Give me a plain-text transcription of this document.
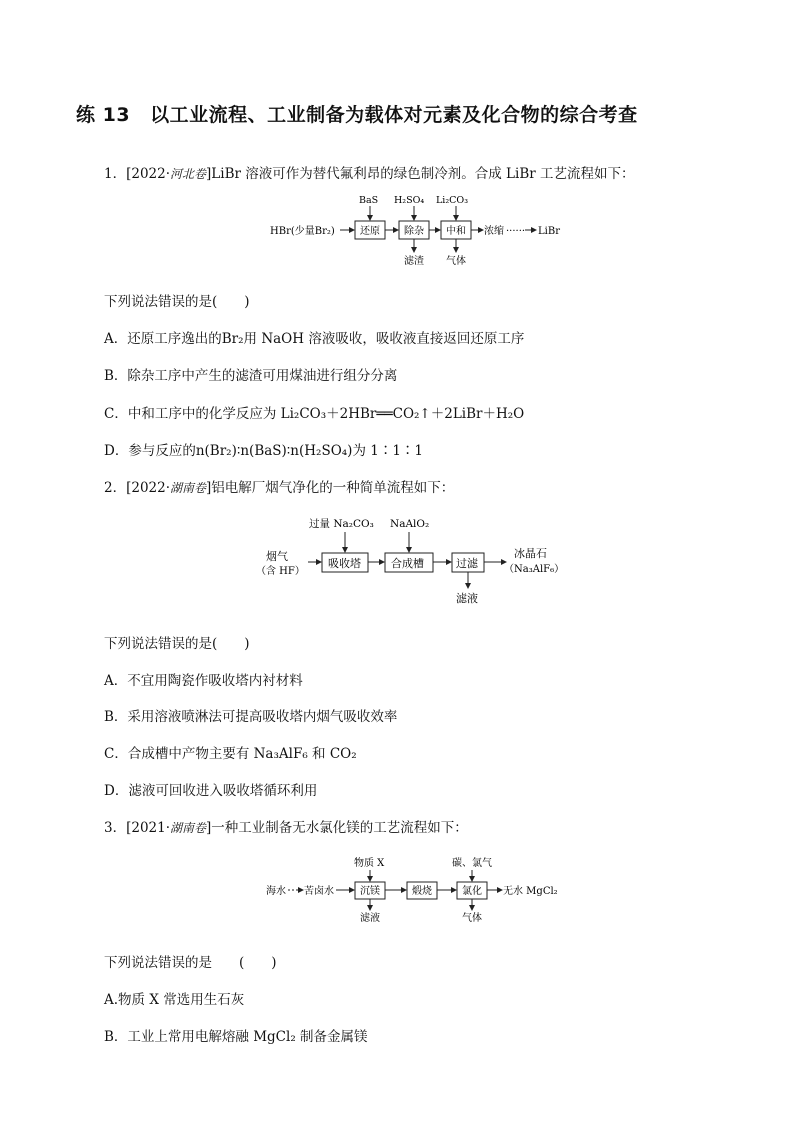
练 13 以工业流程、工业制备为载体对元素及化合物的综合考查
1．[2022·河北卷]LiBr 溶液可作为替代氟利昂的绿色制冷剂。合成 LiBr 工艺流程如下：
HBr(少量Br₂)	还原 除杂 中和 浓缩 ······ LiBr
BaS H₂SO₄ Li₂CO₃
滤渣 气体
下列说法错误的是(　　)
A．还原工序逸出的Br₂用 NaOH 溶液吸收，吸收液直接返回还原工序
B．除杂工序中产生的滤渣可用煤油进行组分分离
C．中和工序中的化学反应为 Li₂CO₃＋2HBr══CO₂↑＋2LiBr＋H₂O
D．参与反应的n(Br₂)∶n(BaS)∶n(H₂SO₄)为 1∶1∶1
2．[2022·湖南卷]铝电解厂烟气净化的一种简单流程如下：
过量 Na₂CO₃ NaAlO₂
烟气
（含 HF）
吸收塔	合成槽	过滤
冰晶石
（Na₃AlF₆）
滤液
下列说法错误的是(　　)
A．不宜用陶瓷作吸收塔内衬材料
B．采用溶液喷淋法可提高吸收塔内烟气吸收效率
C．合成槽中产物主要有 Na₃AlF₆ 和 CO₂
D．滤液可回收进入吸收塔循环利用
3．[2021·湖南卷]一种工业制备无水氯化镁的工艺流程如下：
物质 X	碳、氯气
海水 苦卤水	沉镁	煅烧	氯化 无水 MgCl₂
滤液	气体
下列说法错误的是　　(　　)
A.物质 X 常选用生石灰
B．工业上常用电解熔融 MgCl₂ 制备金属镁
